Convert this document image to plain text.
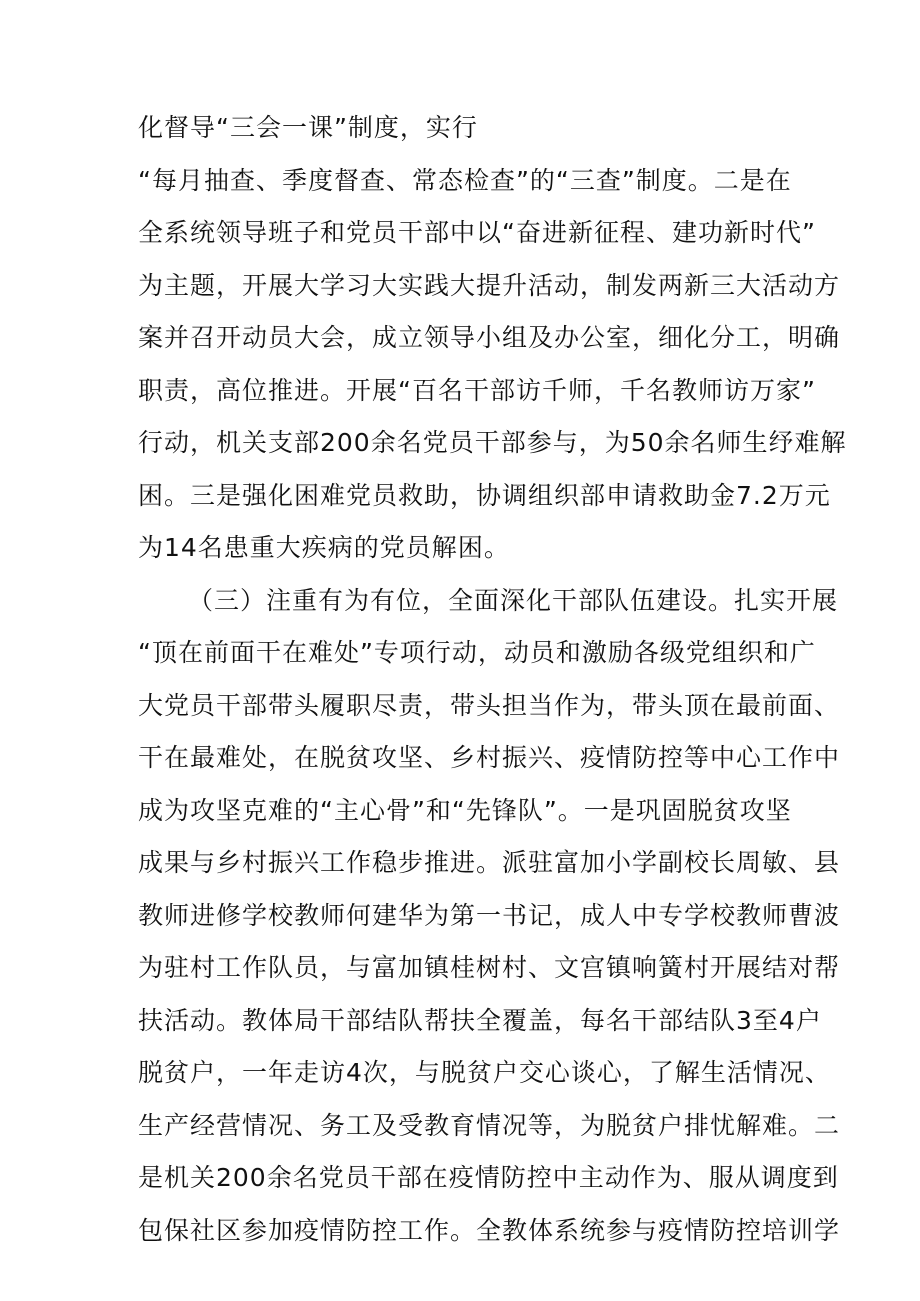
化督导“三会一课”制度，实行
“每月抽查、季度督查、常态检查”的“三查”制度。二是在
全系统领导班子和党员干部中以“奋进新征程、建功新时代”
为主题，开展大学习大实践大提升活动，制发两新三大活动方
案并召开动员大会，成立领导小组及办公室，细化分工，明确
职责，高位推进。开展“百名干部访千师，千名教师访万家”
行动，机关支部200余名党员干部参与，为50余名师生纾难解
困。三是强化困难党员救助，协调组织部申请救助金7.2万元
为14名患重大疾病的党员解困。
（三）注重有为有位，全面深化干部队伍建设。扎实开展
“顶在前面干在难处”专项行动，动员和激励各级党组织和广
大党员干部带头履职尽责，带头担当作为，带头顶在最前面、
干在最难处，在脱贫攻坚、乡村振兴、疫情防控等中心工作中
成为攻坚克难的“主心骨”和“先锋队”。一是巩固脱贫攻坚
成果与乡村振兴工作稳步推进。派驻富加小学副校长周敏、县
教师进修学校教师何建华为第一书记，成人中专学校教师曹波
为驻村工作队员，与富加镇桂树村、文宫镇响簧村开展结对帮
扶活动。教体局干部结队帮扶全覆盖，每名干部结队3至4户
脱贫户，一年走访4次，与脱贫户交心谈心，了解生活情况、
生产经营情况、务工及受教育情况等，为脱贫户排忧解难。二
是机关200余名党员干部在疫情防控中主动作为、服从调度到
包保社区参加疫情防控工作。全教体系统参与疫情防控培训学
